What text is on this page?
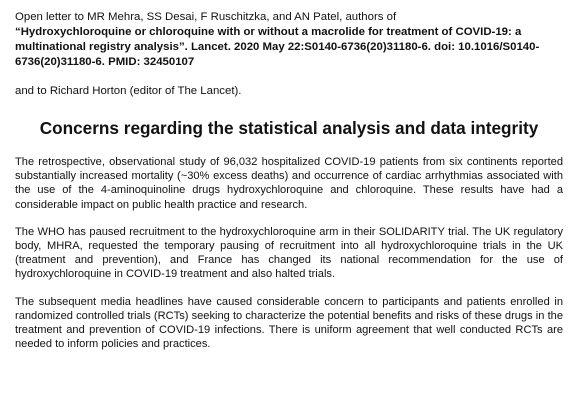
Open letter to MR Mehra, SS Desai, F Ruschitzka, and AN Patel, authors of
“Hydroxychloroquine or chloroquine with or without a macrolide for treatment of COVID-19: a multinational registry analysis”. Lancet. 2020 May 22:S0140-6736(20)31180-6. doi: 10.1016/S0140-6736(20)31180-6. PMID: 32450107

and to Richard Horton (editor of The Lancet).

Concerns regarding the statistical analysis and data integrity

The retrospective, observational study of 96,032 hospitalized COVID-19 patients from six continents reported substantially increased mortality (~30% excess deaths) and occurrence of cardiac arrhythmias associated with the use of the 4-aminoquinoline drugs hydroxychloroquine and chloroquine. These results have had a considerable impact on public health practice and research.

The WHO has paused recruitment to the hydroxychloroquine arm in their SOLIDARITY trial. The UK regulatory body, MHRA, requested the temporary pausing of recruitment into all hydroxychloroquine trials in the UK (treatment and prevention), and France has changed its national recommendation for the use of hydroxychloroquine in COVID-19 treatment and also halted trials.

The subsequent media headlines have caused considerable concern to participants and patients enrolled in randomized controlled trials (RCTs) seeking to characterize the potential benefits and risks of these drugs in the treatment and prevention of COVID-19 infections. There is uniform agreement that well conducted RCTs are needed to inform policies and practices.
